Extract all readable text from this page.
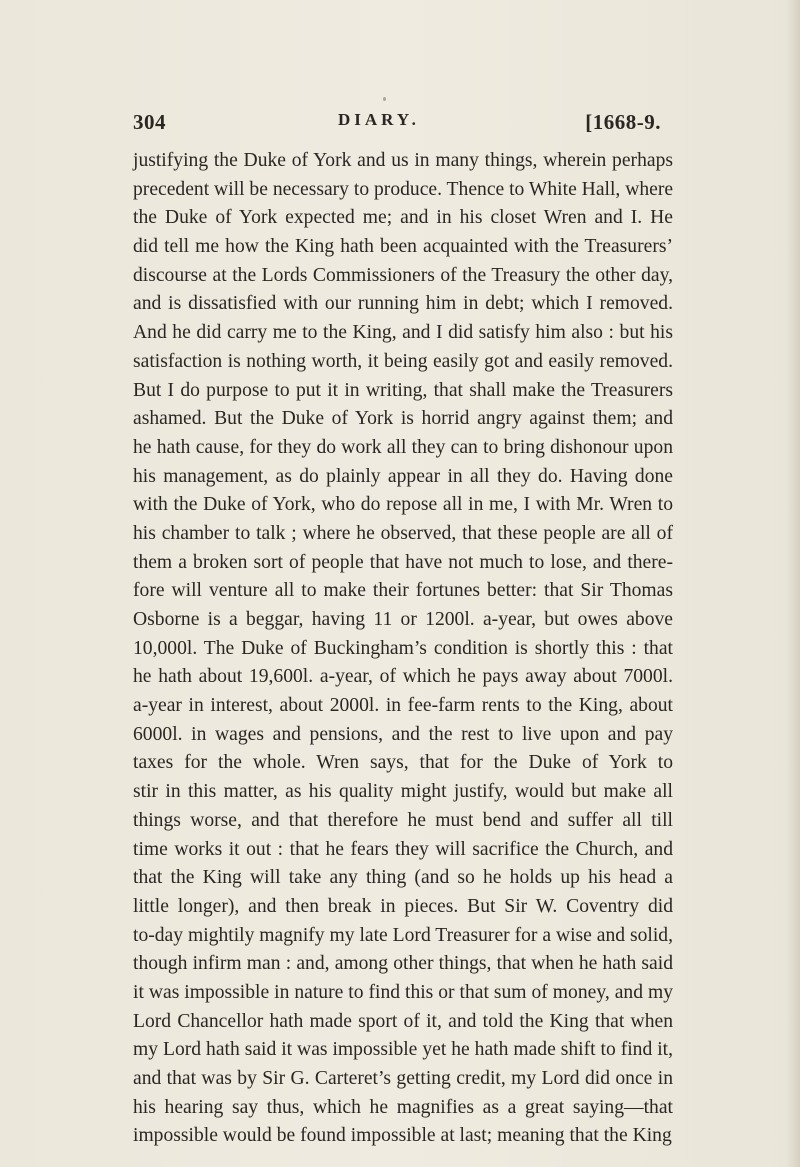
304	DIARY.	[1668-9.
justifying the Duke of York and us in many things, wherein perhaps
precedent will be necessary to produce. Thence to White Hall, where
the Duke of York expected me; and in his closet Wren and I. He
did tell me how the King hath been acquainted with the Treasurers’
discourse at the Lords Commissioners of the Treasury the other day,
and is dissatisfied with our running him in debt; which I removed.
And he did carry me to the King, and I did satisfy him also : but his
satisfaction is nothing worth, it being easily got and easily removed.
But I do purpose to put it in writing, that shall make the Treasurers
ashamed. But the Duke of York is horrid angry against them; and
he hath cause, for they do work all they can to bring dishonour upon
his management, as do plainly appear in all they do. Having done
with the Duke of York, who do repose all in me, I with Mr. Wren to
his chamber to talk ; where he observed, that these people are all of
them a broken sort of people that have not much to lose, and there-
fore will venture all to make their fortunes better: that Sir Thomas
Osborne is a beggar, having 11 or 1200l. a-year, but owes above
10,000l. The Duke of Buckingham’s condition is shortly this : that
he hath about 19,600l. a-year, of which he pays away about 7000l.
a-year in interest, about 2000l. in fee-farm rents to the King, about
6000l. in wages and pensions, and the rest to live upon and pay
taxes for the whole. Wren says, that for the Duke of York to
stir in this matter, as his quality might justify, would but make all
things worse, and that therefore he must bend and suffer all till
time works it out : that he fears they will sacrifice the Church, and
that the King will take any thing (and so he holds up his head a
little longer), and then break in pieces. But Sir W. Coventry did
to-day mightily magnify my late Lord Treasurer for a wise and solid,
though infirm man : and, among other things, that when he hath said
it was impossible in nature to find this or that sum of money, and my
Lord Chancellor hath made sport of it, and told the King that when
my Lord hath said it was impossible yet he hath made shift to find it,
and that was by Sir G. Carteret’s getting credit, my Lord did once in
his hearing say thus, which he magnifies as a great saying—that
impossible would be found impossible at last; meaning that the King
